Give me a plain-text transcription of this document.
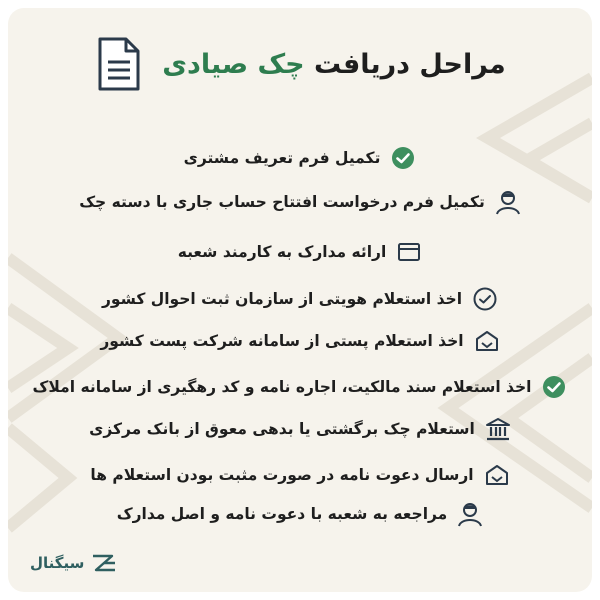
مراحل دریافت چک صیادی
تکمیل فرم تعریف مشتری
تکمیل فرم درخواست افتتاح حساب جاری با دسته چک
ارائه مدارک به کارمند شعبه
اخذ استعلام هویتی از سازمان ثبت احوال کشور
اخذ استعلام پستی از سامانه شرکت پست کشور
اخذ استعلام سند مالکیت، اجاره نامه و کد رهگیری از سامانه املاک
استعلام چک برگشتی یا بدهی معوق از بانک مرکزی
ارسال دعوت نامه در صورت مثبت بودن استعلام ها
مراجعه به شعبه با دعوت نامه و اصل مدارک
سیگنال
